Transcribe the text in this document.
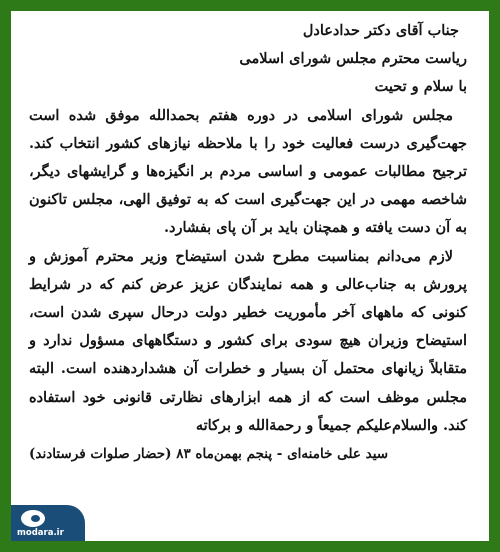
جناب آقای دکتر حدادعادل

ریاست محترم مجلس شورای اسلامی

با سلام و تحیت

مجلس شورای اسلامی در دوره هفتم بحمدالله موفق شده است جهت‌گیری درست فعالیت خود را با ملاحظه نیازهای کشور انتخاب کند. ترجیح مطالبات عمومی و اساسی مردم بر انگیزه‌ها و گرایشهای دیگر، شاخصه مهمی در این جهت‌گیری است که به توفیق الهی، مجلس تاکنون به آن دست یافته و همچنان باید بر آن پای بفشارد.

لازم می‌دانم بمناسبت مطرح شدن استیضاح وزیر محترم آموزش و پرورش به جناب‌عالی و همه نمایندگان عزیز عرض کنم که در شرایط کنونی که ماههای آخر مأموریت خطیر دولت درحال سپری شدن است، استیضاح وزیران هیچ سودی برای کشور و دستگاههای مسؤول ندارد و متقابلاً زیانهای محتمل آن بسیار و خطرات آن هشداردهنده است. البته مجلس موظف است که از همه ابزارهای نظارتی قانونی خود استفاده کند. والسلام‌علیکم جمیعاً و رحمةالله و برکاته

سید علی خامنه‌ای - پنجم بهمن‌ماه ۸۳ (حضار صلوات فرستادند)

modara.ir
